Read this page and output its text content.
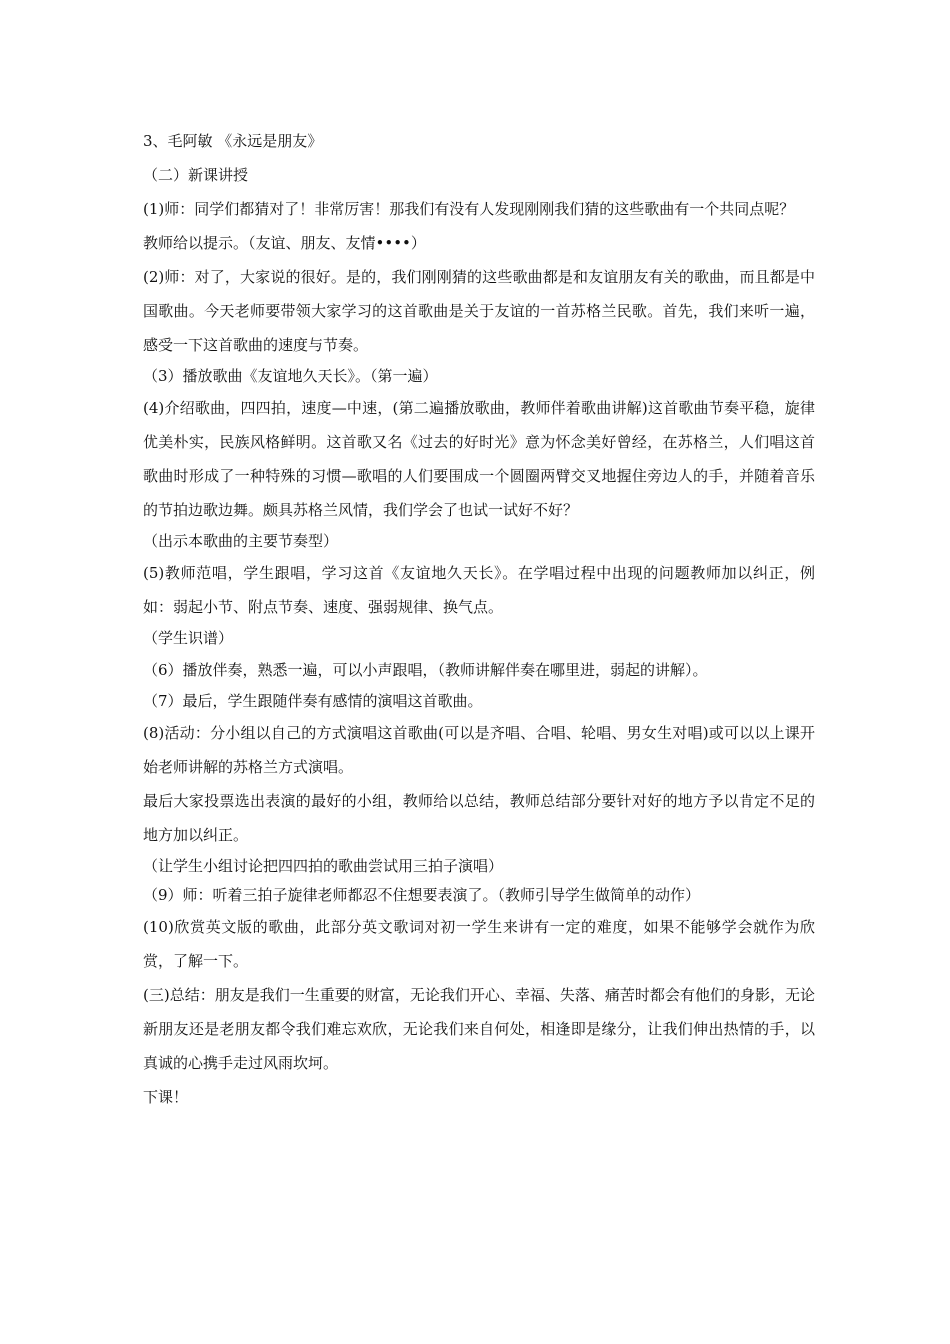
3、毛阿敏 《永远是朋友》

（二）新课讲授

(1)师：同学们都猜对了！非常厉害！那我们有没有人发现刚刚我们猜的这些歌曲有一个共同点呢？

教师给以提示。（友谊、朋友、友情••••）

(2)师：对了，大家说的很好。是的，我们刚刚猜的这些歌曲都是和友谊朋友有关的歌曲，而且都是中国歌曲。今天老师要带领大家学习的这首歌曲是关于友谊的一首苏格兰民歌。首先，我们来听一遍，感受一下这首歌曲的速度与节奏。

（3）播放歌曲《友谊地久天长》。（第一遍）

(4)介绍歌曲，四四拍，速度—中速，(第二遍播放歌曲，教师伴着歌曲讲解)这首歌曲节奏平稳，旋律优美朴实，民族风格鲜明。这首歌又名《过去的好时光》意为怀念美好曾经，在苏格兰，人们唱这首歌曲时形成了一种特殊的习惯—歌唱的人们要围成一个圆圈两臂交叉地握住旁边人的手，并随着音乐的节拍边歌边舞。颇具苏格兰风情，我们学会了也试一试好不好？

（出示本歌曲的主要节奏型）

(5)教师范唱，学生跟唱，学习这首《友谊地久天长》。在学唱过程中出现的问题教师加以纠正，例如：弱起小节、附点节奏、速度、强弱规律、换气点。

（学生识谱）

（6）播放伴奏，熟悉一遍，可以小声跟唱，（教师讲解伴奏在哪里进，弱起的讲解）。

（7）最后，学生跟随伴奏有感情的演唱这首歌曲。

(8)活动：分小组以自己的方式演唱这首歌曲(可以是齐唱、合唱、轮唱、男女生对唱)或可以以上课开始老师讲解的苏格兰方式演唱。

最后大家投票选出表演的最好的小组，教师给以总结，教师总结部分要针对好的地方予以肯定不足的地方加以纠正。

（让学生小组讨论把四四拍的歌曲尝试用三拍子演唱）

（9）师：听着三拍子旋律老师都忍不住想要表演了。（教师引导学生做简单的动作）

(10)欣赏英文版的歌曲，此部分英文歌词对初一学生来讲有一定的难度，如果不能够学会就作为欣赏，了解一下。

(三)总结：朋友是我们一生重要的财富，无论我们开心、幸福、失落、痛苦时都会有他们的身影，无论新朋友还是老朋友都令我们难忘欢欣，无论我们来自何处，相逢即是缘分，让我们伸出热情的手，以真诚的心携手走过风雨坎坷。

下课！
